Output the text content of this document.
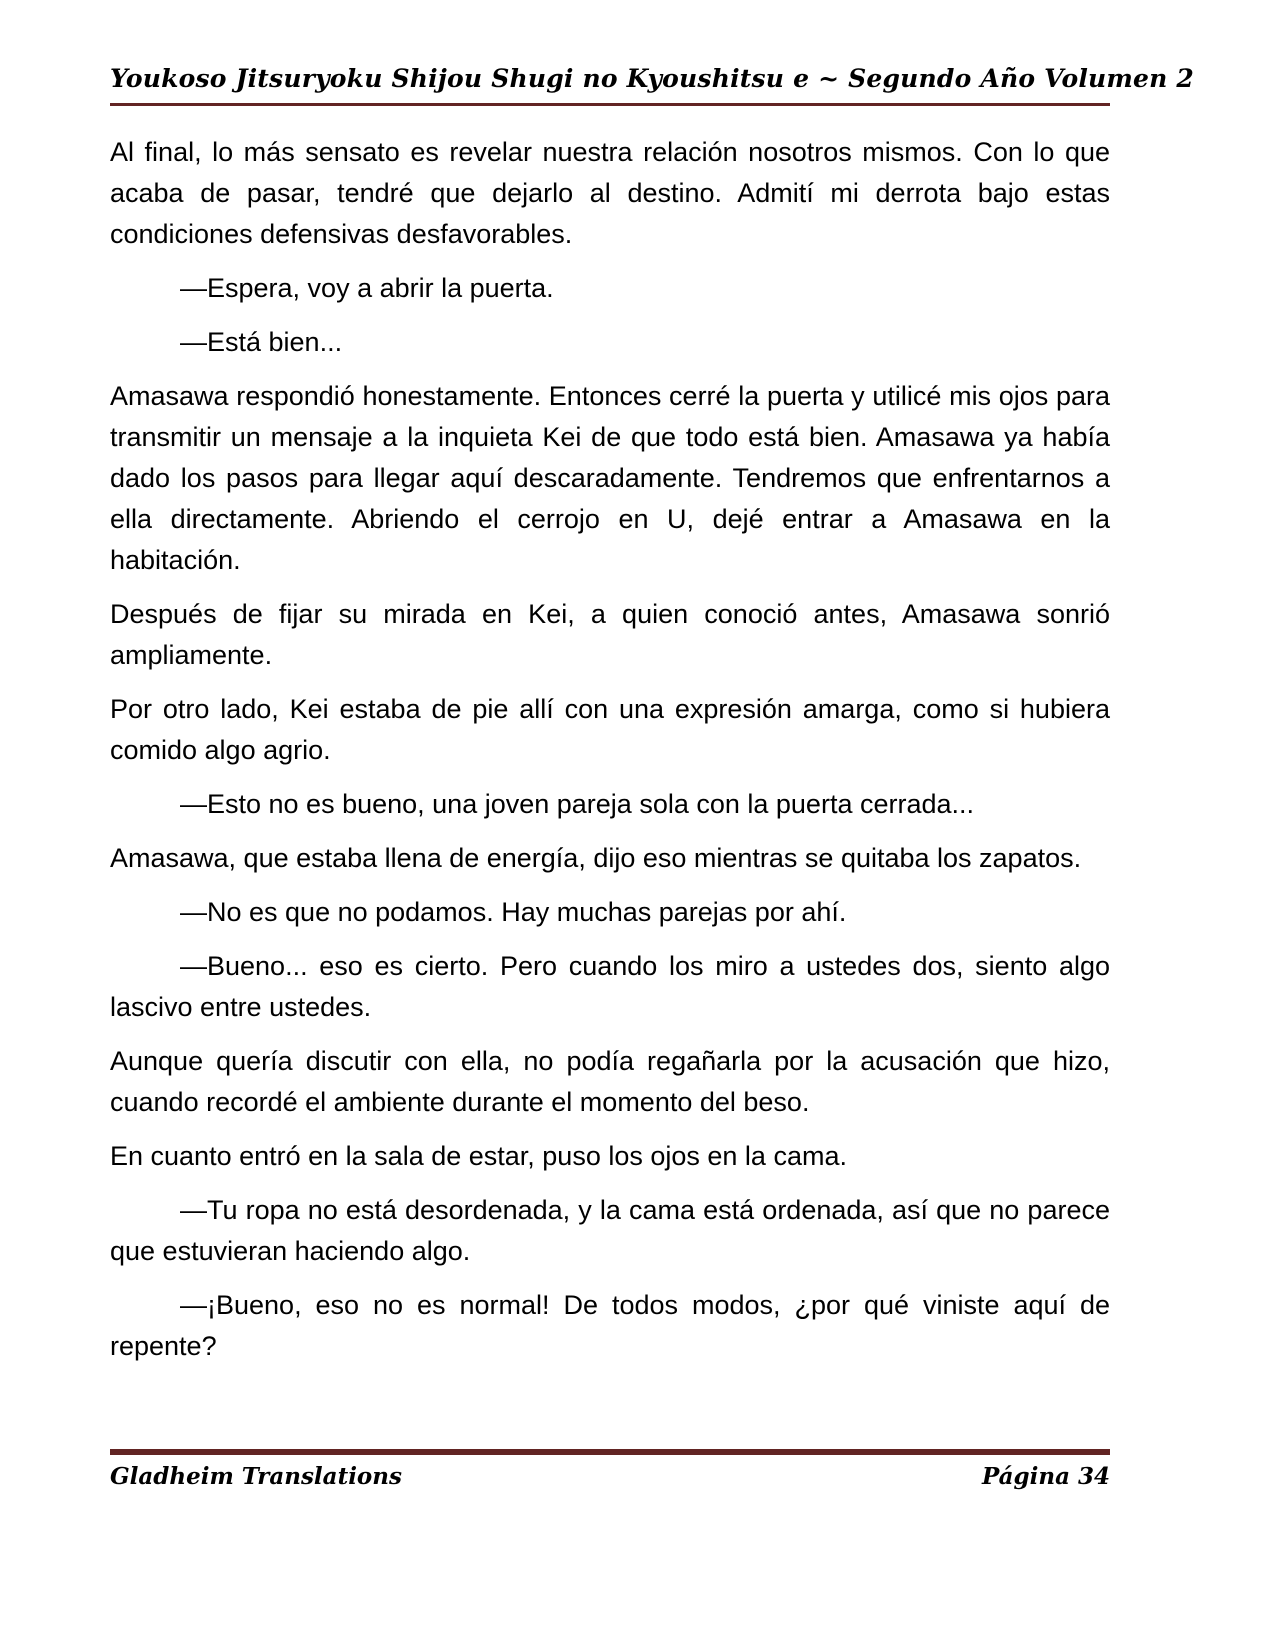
Youkoso Jitsuryoku Shijou Shugi no Kyoushitsu e ~ Segundo Año Volumen 2

Al final, lo más sensato es revelar nuestra relación nosotros mismos. Con lo que acaba de pasar, tendré que dejarlo al destino. Admití mi derrota bajo estas condiciones defensivas desfavorables.

—Espera, voy a abrir la puerta.

—Está bien...

Amasawa respondió honestamente. Entonces cerré la puerta y utilicé mis ojos para transmitir un mensaje a la inquieta Kei de que todo está bien. Amasawa ya había dado los pasos para llegar aquí descaradamente. Tendremos que enfrentarnos a ella directamente. Abriendo el cerrojo en U, dejé entrar a Amasawa en la habitación.

Después de fijar su mirada en Kei, a quien conoció antes, Amasawa sonrió ampliamente.

Por otro lado, Kei estaba de pie allí con una expresión amarga, como si hubiera comido algo agrio.

—Esto no es bueno, una joven pareja sola con la puerta cerrada...

Amasawa, que estaba llena de energía, dijo eso mientras se quitaba los zapatos.

—No es que no podamos. Hay muchas parejas por ahí.

—Bueno... eso es cierto. Pero cuando los miro a ustedes dos, siento algo lascivo entre ustedes.

Aunque quería discutir con ella, no podía regañarla por la acusación que hizo, cuando recordé el ambiente durante el momento del beso.

En cuanto entró en la sala de estar, puso los ojos en la cama.

—Tu ropa no está desordenada, y la cama está ordenada, así que no parece que estuvieran haciendo algo.

—¡Bueno, eso no es normal! De todos modos, ¿por qué viniste aquí de repente?

Gladheim Translations	Página 34
